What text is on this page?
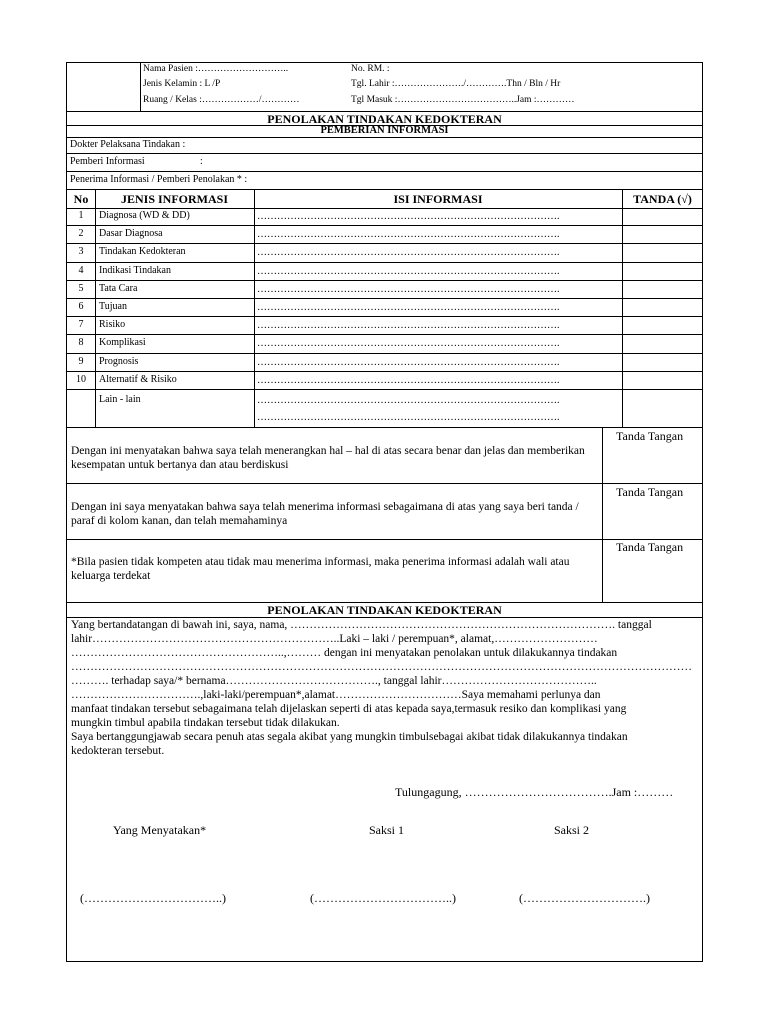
Nama Pasien :………………………..	No. RM. :
Jenis Kelamin : L /P	Tgl. Lahir :…………………./………….Thn / Bln / Hr
Ruang / Kelas :………………/…………	Tgl Masuk :………………………………..Jam :…………
PENOLAKAN TINDAKAN KEDOKTERAN
PEMBERIAN INFORMASI
Dokter Pelaksana Tindakan :
Pemberi Informasi	:
Penerima Informasi / Pemberi Penolakan * :
No	JENIS INFORMASI	ISI INFORMASI	TANDA (√)
1	Diagnosa (WD & DD)	……………………………………………………………………………….
2	Dasar Diagnosa	……………………………………………………………………………….
3	Tindakan Kedokteran	……………………………………………………………………………….
4	Indikasi Tindakan	……………………………………………………………………………….
5	Tata Cara	……………………………………………………………………………….
6	Tujuan	……………………………………………………………………………….
7	Risiko	……………………………………………………………………………….
8	Komplikasi	……………………………………………………………………………….
9	Prognosis	……………………………………………………………………………….
10	Alternatif & Risiko	……………………………………………………………………………….
Lain - lain	……………………………………………………………………………….
……………………………………………………………………………….
Dengan ini menyatakan bahwa saya telah menerangkan hal – hal di atas secara benar dan jelas dan memberikan kesempatan untuk bertanya dan atau berdiskusi
Tanda Tangan
Dengan ini saya menyatakan bahwa saya telah menerima informasi sebagaimana di atas yang saya beri tanda / paraf di kolom kanan, dan telah memahaminya
Tanda Tangan
*Bila pasien tidak kompeten atau tidak mau menerima informasi, maka penerima informasi adalah wali atau keluarga terdekat
Tanda Tangan
PENOLAKAN TINDAKAN KEDOKTERAN
Yang bertandatangan di bawah ini, saya, nama, …………………………………………………………………………. tanggal
lahir………………………………………………………..Laki – laki / perempuan*, alamat,………………………
………………………………………………..,……… dengan ini menyatakan penolakan untuk dilakukannya tindakan
………………………………………………………………………………………………………………………………………………
………. terhadap saya/* bernama…………………………………., tanggal lahir…………………………………..
…………………………….,laki-laki/perempuan*,alamat……………………………Saya memahami perlunya dan
manfaat tindakan tersebut sebagaimana telah dijelaskan seperti di atas kepada saya,termasuk resiko dan komplikasi yang
mungkin timbul apabila tindakan tersebut tidak dilakukan.
Saya bertanggungjawab secara penuh atas segala akibat yang mungkin timbulsebagai akibat tidak dilakukannya tindakan
kedokteran tersebut.
Tulungagung, ……………………………….Jam :………
Yang Menyatakan*	Saksi 1	Saksi 2
(……………………………..)	(……………………………..)	(………………………….)
